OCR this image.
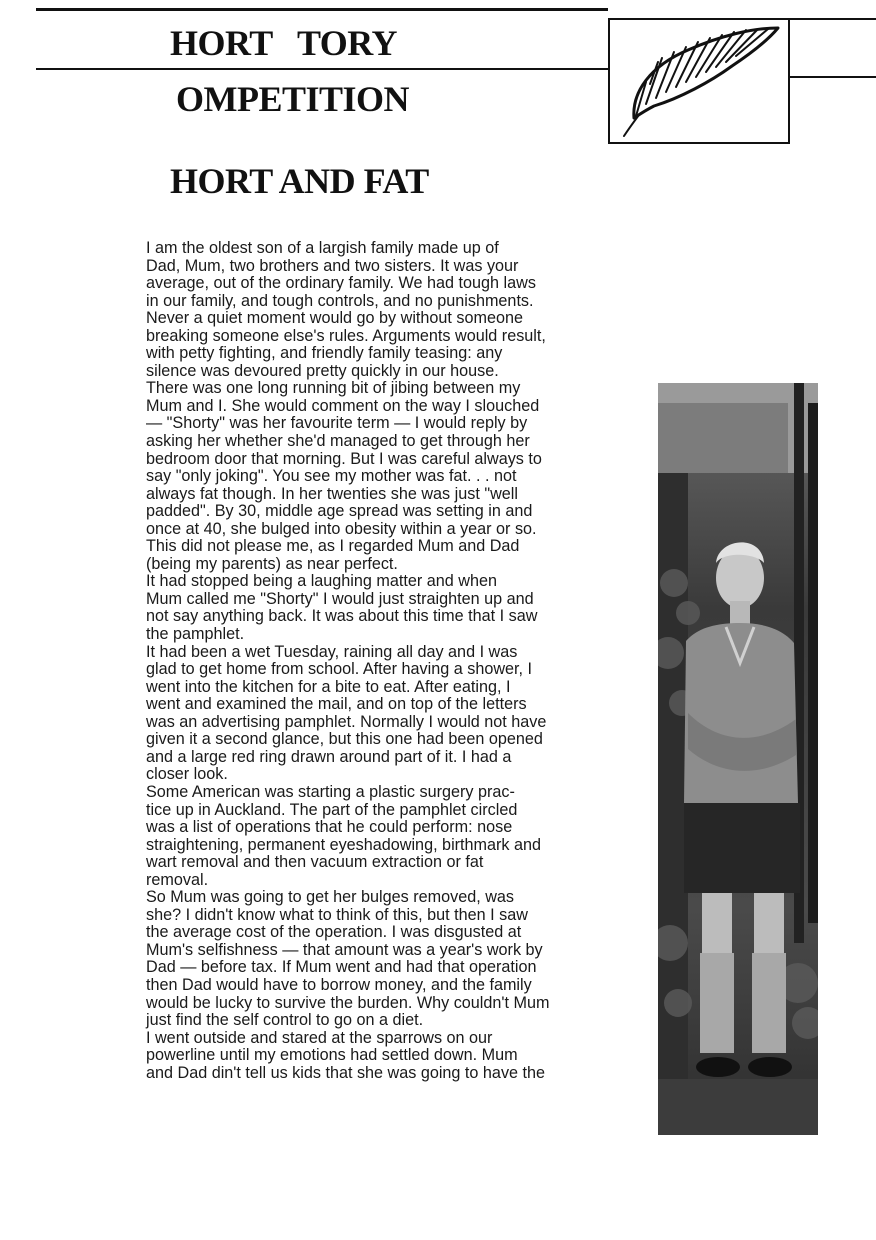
HORT   TORY
OMPETITION
HORT AND FAT

I am the oldest son of a largish family made up of
Dad, Mum, two brothers and two sisters. It was your
average, out of the ordinary family. We had tough laws
in our family, and tough controls, and no punishments.
Never a quiet moment would go by without someone
breaking someone else's rules. Arguments would result,
with petty fighting, and friendly family teasing: any
silence was devoured pretty quickly in our house.

There was one long running bit of jibing between my
Mum and I. She would comment on the way I slouched
— "Shorty" was her favourite term — I would reply by
asking her whether she'd managed to get through her
bedroom door that morning. But I was careful always to
say "only joking". You see my mother was fat. . . not
always fat though. In her twenties she was just "well
padded". By 30, middle age spread was setting in and
once at 40, she bulged into obesity within a year or so.

This did not please me, as I regarded Mum and Dad
(being my parents) as near perfect.

It had stopped being a laughing matter and when
Mum called me "Shorty" I would just straighten up and
not say anything back. It was about this time that I saw
the pamphlet.

It had been a wet Tuesday, raining all day and I was
glad to get home from school. After having a shower, I
went into the kitchen for a bite to eat. After eating, I
went and examined the mail, and on top of the letters
was an advertising pamphlet. Normally I would not have
given it a second glance, but this one had been opened
and a large red ring drawn around part of it. I had a
closer look.

Some American was starting a plastic surgery prac-
tice up in Auckland. The part of the pamphlet circled
was a list of operations that he could perform: nose
straightening, permanent eyeshadowing, birthmark and
wart removal and then vacuum extraction or fat
removal.

So Mum was going to get her bulges removed, was
she? I didn't know what to think of this, but then I saw
the average cost of the operation. I was disgusted at
Mum's selfishness — that amount was a year's work by
Dad — before tax. If Mum went and had that operation
then Dad would have to borrow money, and the family
would be lucky to survive the burden. Why couldn't Mum
just find the self control to go on a diet.

I went outside and stared at the sparrows on our
powerline until my emotions had settled down. Mum
and Dad din't tell us kids that she was going to have the
